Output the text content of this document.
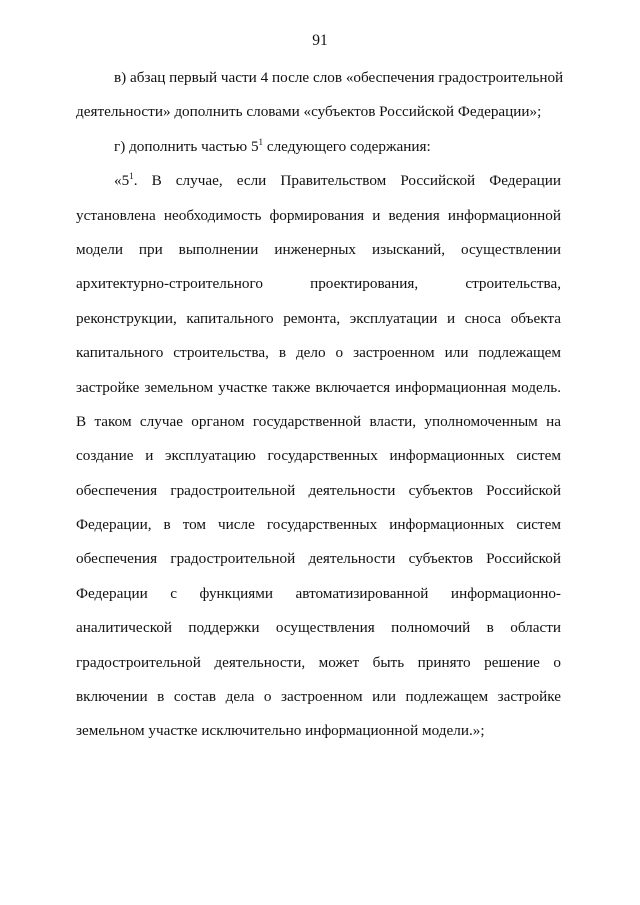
91
в) абзац первый части 4 после слов «обеспечения градостроительной
деятельности» дополнить словами «субъектов Российской Федерации»;
г) дополнить частью $5^1$ следующего содержания:
«$5^1$. В случае, если Правительством Российской Федерации
установлена необходимость формирования и ведения информационной
модели при выполнении инженерных изысканий, осуществлении
архитектурно-строительного проектирования, строительства,
реконструкции, капитального ремонта, эксплуатации и сноса объекта
капитального строительства, в дело о застроенном или подлежащем
застройке земельном участке также включается информационная модель.
В таком случае органом государственной власти, уполномоченным на
создание и эксплуатацию государственных информационных систем
обеспечения градостроительной деятельности субъектов Российской
Федерации, в том числе государственных информационных систем
обеспечения градостроительной деятельности субъектов Российской
Федерации с функциями автоматизированной информационно-
аналитической поддержки осуществления полномочий в области
градостроительной деятельности, может быть принято решение о
включении в состав дела о застроенном или подлежащем застройке
земельном участке исключительно информационной модели.»;
